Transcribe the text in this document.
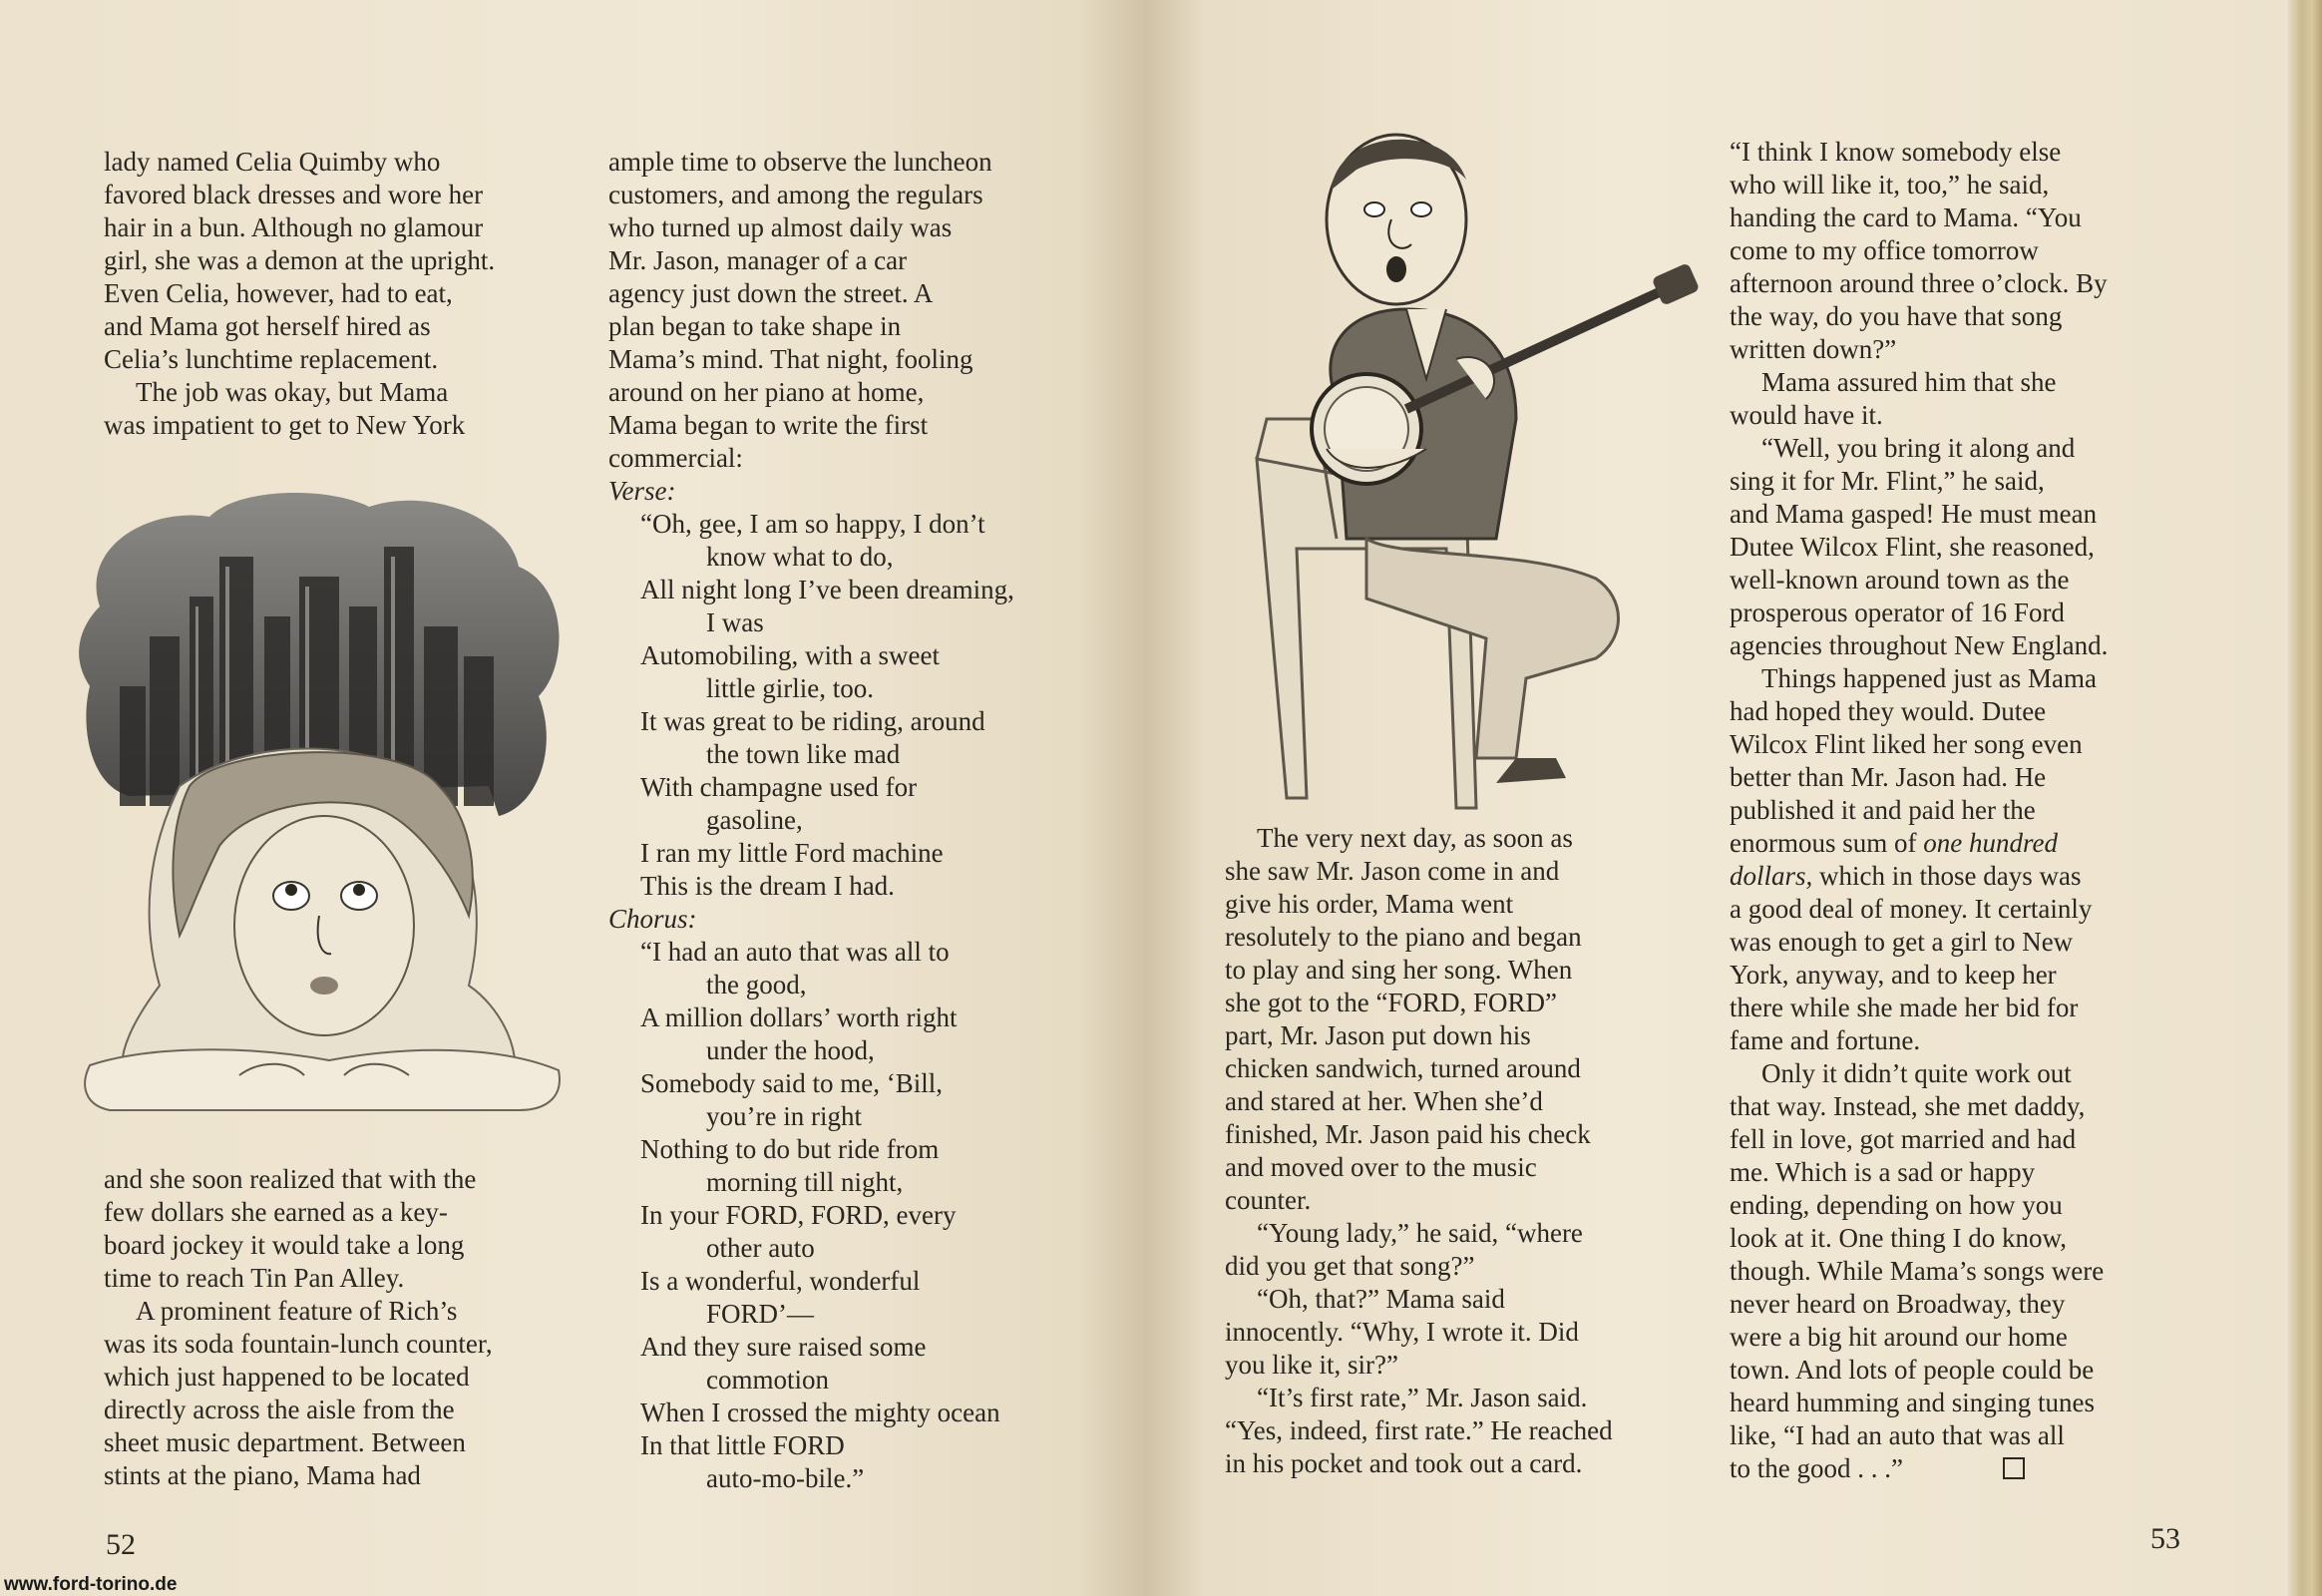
lady named Celia Quimby who
favored black dresses and wore her
hair in a bun. Although no glamour
girl, she was a demon at the upright.
Even Celia, however, had to eat,
and Mama got herself hired as
Celia’s lunchtime replacement.

The job was okay, but Mama
was impatient to get to New York

and she soon realized that with the
few dollars she earned as a key-
board jockey it would take a long
time to reach Tin Pan Alley.

A prominent feature of Rich’s
was its soda fountain-lunch counter,
which just happened to be located
directly across the aisle from the
sheet music department. Between
stints at the piano, Mama had

ample time to observe the luncheon
customers, and among the regulars
who turned up almost daily was
Mr. Jason, manager of a car
agency just down the street. A
plan began to take shape in
Mama’s mind. That night, fooling
around on her piano at home,
Mama began to write the first
commercial:

Verse:

“Oh, gee, I am so happy, I don’t
know what to do,

All night long I’ve been dreaming,
I was

Automobiling, with a sweet
little girlie, too.

It was great to be riding, around
the town like mad

With champagne used for
gasoline,

I ran my little Ford machine

This is the dream I had.

Chorus:

“I had an auto that was all to
the good,

A million dollars’ worth right
under the hood,

Somebody said to me, ‘Bill,
you’re in right

Nothing to do but ride from
morning till night,

In your FORD, FORD, every
other auto

Is a wonderful, wonderful
FORD’—

And they sure raised some
commotion

When I crossed the mighty ocean

In that little FORD
auto-mo-bile.”

52
www.ford-torino.de

The very next day, as soon as
she saw Mr. Jason come in and
give his order, Mama went
resolutely to the piano and began
to play and sing her song. When
she got to the “FORD, FORD”
part, Mr. Jason put down his
chicken sandwich, turned around
and stared at her. When she’d
finished, Mr. Jason paid his check
and moved over to the music
counter.

“Young lady,” he said, “where
did you get that song?”

“Oh, that?” Mama said
innocently. “Why, I wrote it. Did
you like it, sir?”

“It’s first rate,” Mr. Jason said.
“Yes, indeed, first rate.” He reached
in his pocket and took out a card.

“I think I know somebody else
who will like it, too,” he said,
handing the card to Mama. “You
come to my office tomorrow
afternoon around three o’clock. By
the way, do you have that song
written down?”

Mama assured him that she
would have it.

“Well, you bring it along and
sing it for Mr. Flint,” he said,
and Mama gasped! He must mean
Dutee Wilcox Flint, she reasoned,
well-known around town as the
prosperous operator of 16 Ford
agencies throughout New England.

Things happened just as Mama
had hoped they would. Dutee
Wilcox Flint liked her song even
better than Mr. Jason had. He
published it and paid her the
enormous sum of one hundred
dollars, which in those days was
a good deal of money. It certainly
was enough to get a girl to New
York, anyway, and to keep her
there while she made her bid for
fame and fortune.

Only it didn’t quite work out
that way. Instead, she met daddy,
fell in love, got married and had
me. Which is a sad or happy
ending, depending on how you
look at it. One thing I do know,
though. While Mama’s songs were
never heard on Broadway, they
were a big hit around our home
town. And lots of people could be
heard humming and singing tunes
like, “I had an auto that was all
to the good . . .”

53
